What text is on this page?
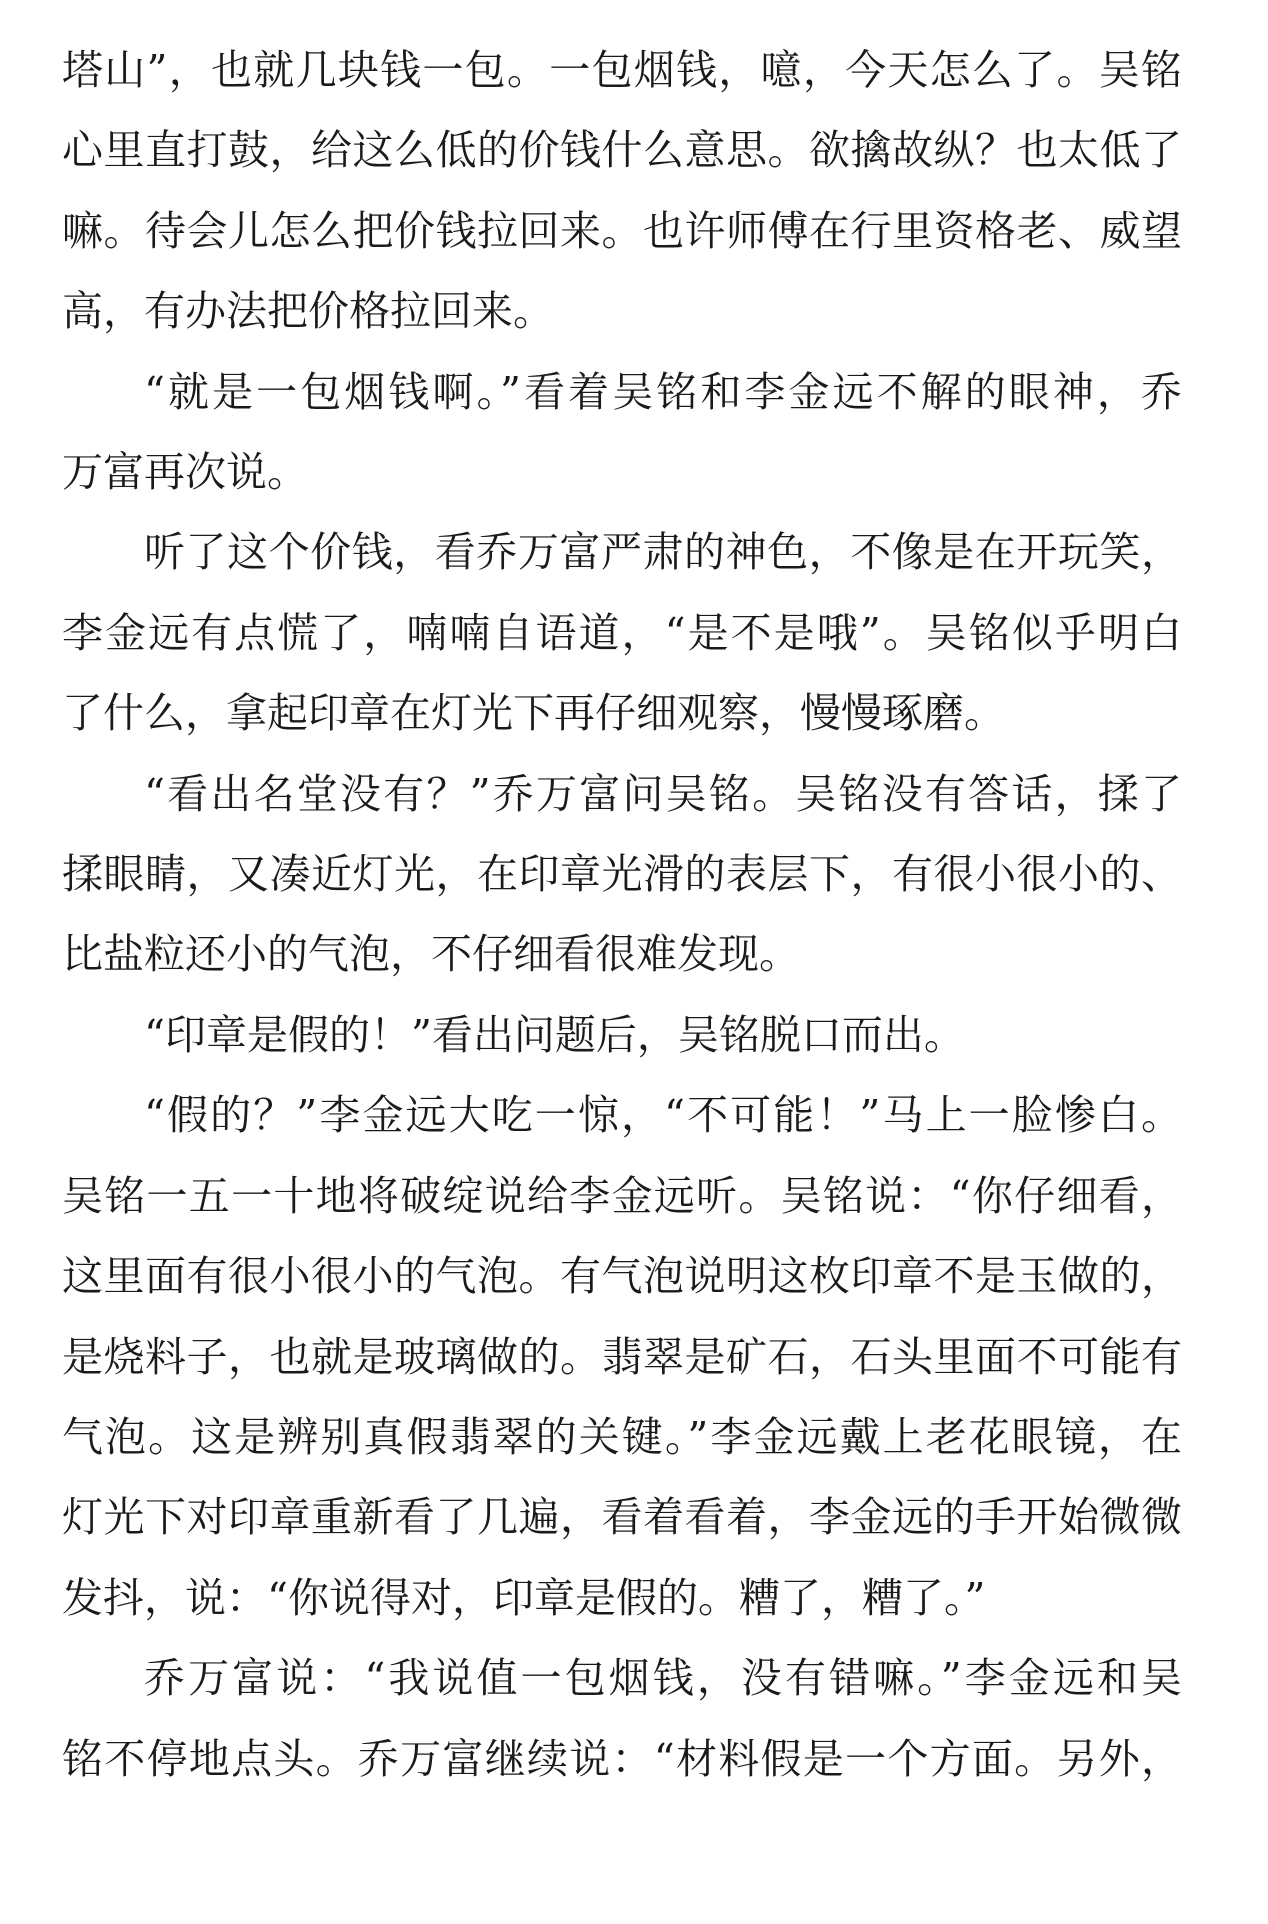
塔山”，也就几块钱一包。一包烟钱，噫，今天怎么了。吴铭
心里直打鼓，给这么低的价钱什么意思。欲擒故纵？也太低了
嘛。待会儿怎么把价钱拉回来。也许师傅在行里资格老、威望
高，有办法把价格拉回来。

“就是一包烟钱啊。”看着吴铭和李金远不解的眼神，乔
万富再次说。

听了这个价钱，看乔万富严肃的神色，不像是在开玩笑，
李金远有点慌了，喃喃自语道，“是不是哦”。吴铭似乎明白
了什么，拿起印章在灯光下再仔细观察，慢慢琢磨。

“看出名堂没有？”乔万富问吴铭。吴铭没有答话，揉了
揉眼睛，又凑近灯光，在印章光滑的表层下，有很小很小的、
比盐粒还小的气泡，不仔细看很难发现。

“印章是假的！”看出问题后，吴铭脱口而出。

“假的？”李金远大吃一惊，“不可能！”马上一脸惨白。
吴铭一五一十地将破绽说给李金远听。吴铭说：“你仔细看，
这里面有很小很小的气泡。有气泡说明这枚印章不是玉做的，
是烧料子，也就是玻璃做的。翡翠是矿石，石头里面不可能有
气泡。这是辨别真假翡翠的关键。”李金远戴上老花眼镜，在
灯光下对印章重新看了几遍，看着看着，李金远的手开始微微
发抖，说：“你说得对，印章是假的。糟了，糟了。”

乔万富说：“我说值一包烟钱，没有错嘛。”李金远和吴
铭不停地点头。乔万富继续说：“材料假是一个方面。另外，
